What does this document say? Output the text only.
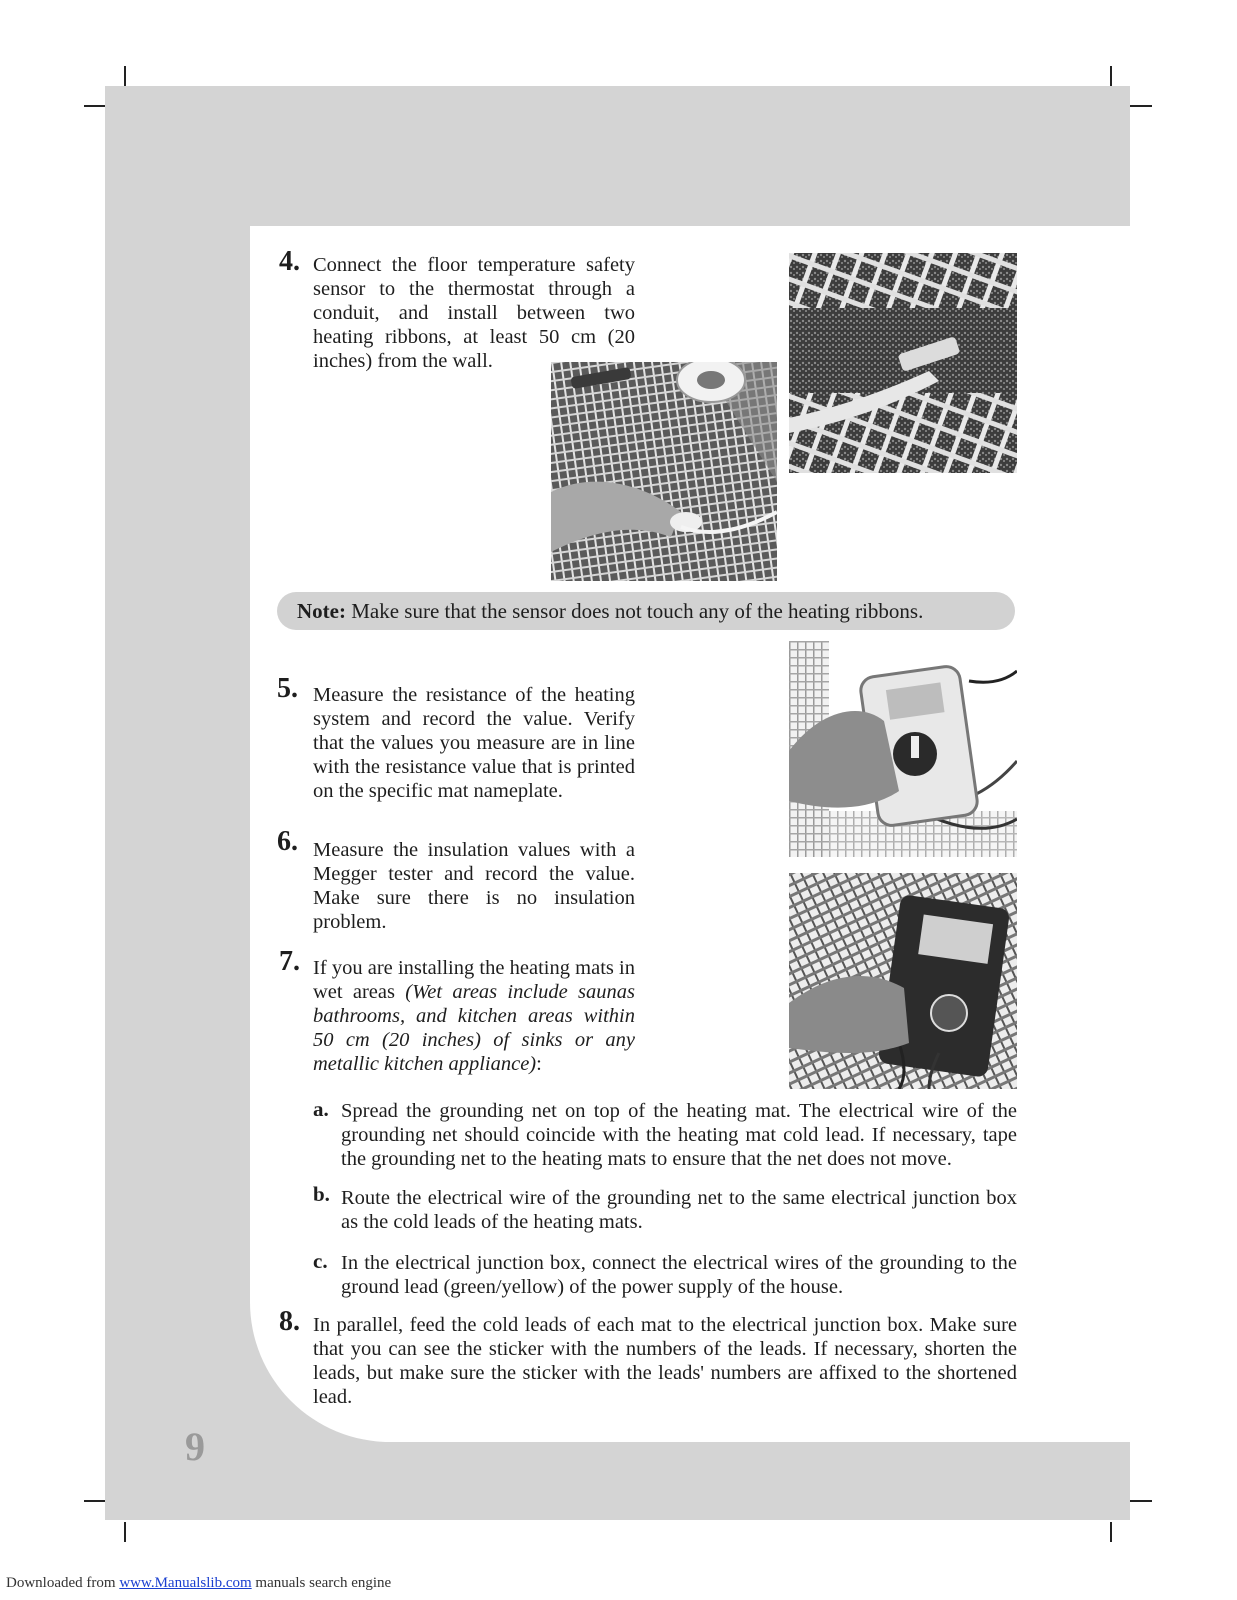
4. Connect the floor temperature safety sensor to the thermostat through a conduit, and install between two heating ribbons, at least 50 cm (20 inches) from the wall.

Note: Make sure that the sensor does not touch any of the heating ribbons.
5. Measure the resistance of the heating system and record the value. Verify that the values you measure are in line with the resistance value that is printed on the specific mat nameplate.

6. Measure the insulation values with a Megger tester and record the value. Make sure there is no insulation problem.

7. If you are installing the heating mats in wet areas (Wet areas include saunas bathrooms, and kitchen areas within 50 cm (20 inches) of sinks or any metallic kitchen appliance):

a. Spread the grounding net on top of the heating mat. The electrical wire of the grounding net should coincide with the heating mat cold lead. If necessary, tape the grounding net to the heating mats to ensure that the net does not move.

b. Route the electrical wire of the grounding net to the same electrical junction box as the cold leads of the heating mats.

c. In the electrical junction box, connect the electrical wires of the grounding to the ground lead (green/yellow) of the power supply of the house.

8. In parallel, feed the cold leads of each mat to the electrical junction box. Make sure that you can see the sticker with the numbers of the leads. If necessary, shorten the leads, but make sure the sticker with the leads' numbers are affixed to the shortened lead.

9
Downloaded from www.Manualslib.com manuals search engine
